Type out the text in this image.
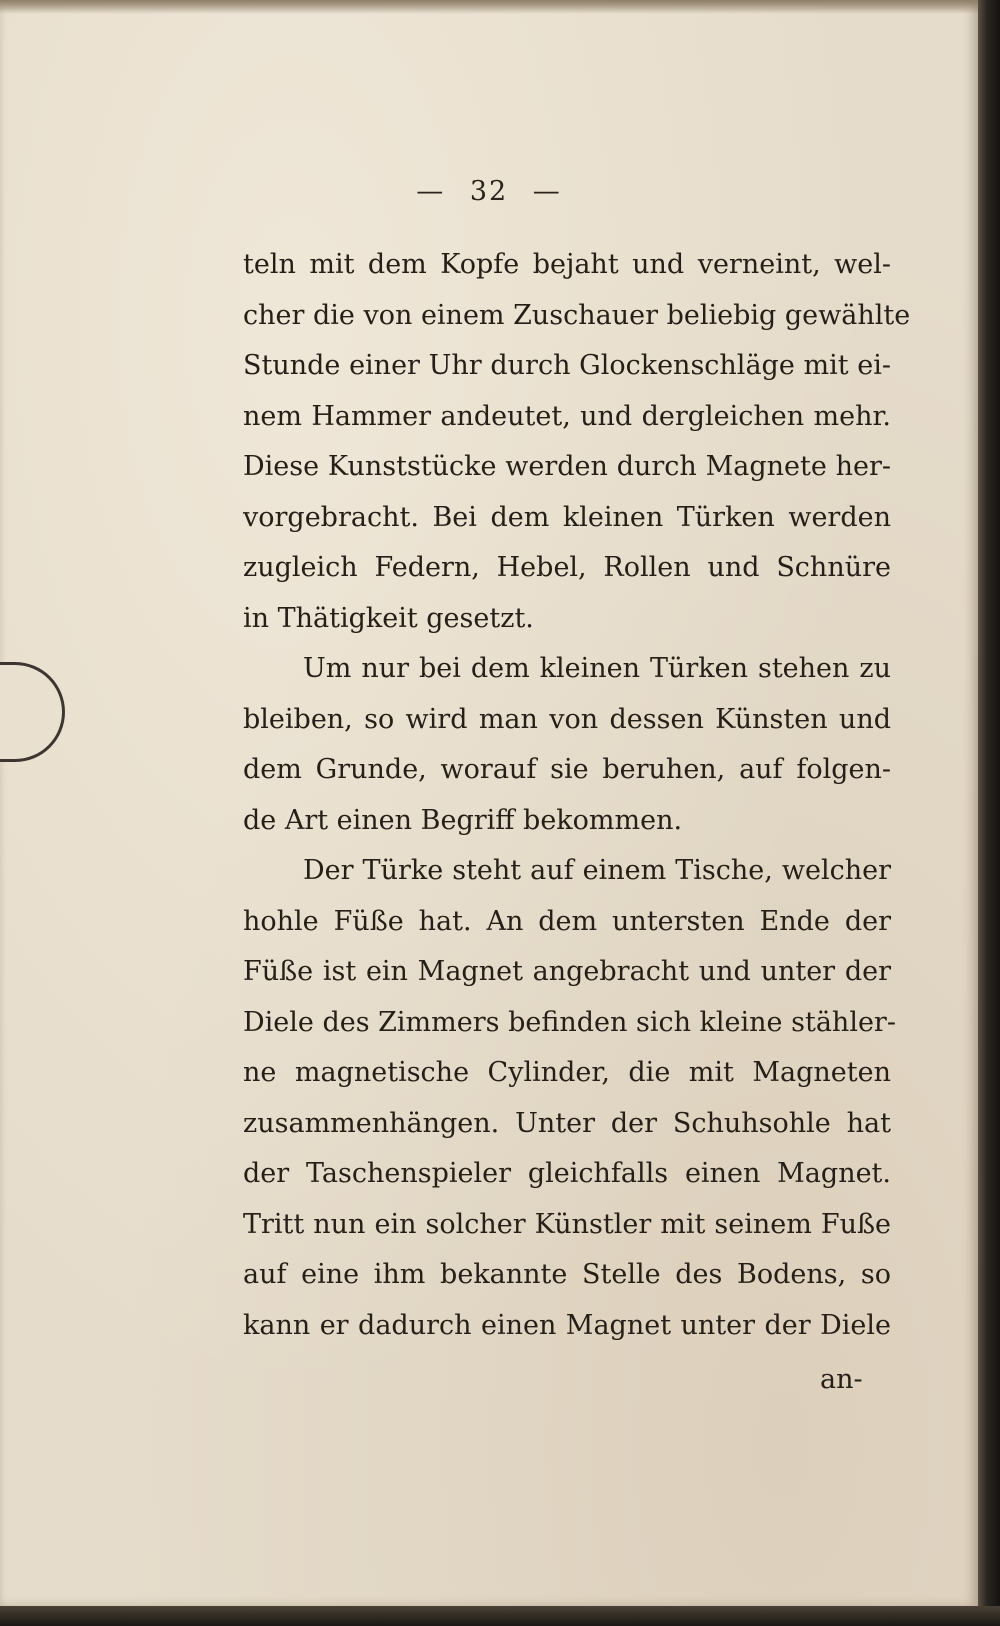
— 32 —
teln mit dem Kopfe bejaht und verneint, wel-
cher die von einem Zuschauer beliebig gewählte
Stunde einer Uhr durch Glockenschläge mit ei-
nem Hammer andeutet, und dergleichen mehr.
Diese Kunststücke werden durch Magnete her-
vorgebracht. Bei dem kleinen Türken werden
zugleich Federn, Hebel, Rollen und Schnüre
in Thätigkeit gesetzt.
Um nur bei dem kleinen Türken stehen zu
bleiben, so wird man von dessen Künsten und
dem Grunde, worauf sie beruhen, auf folgen-
de Art einen Begriff bekommen.
Der Türke steht auf einem Tische, welcher
hohle Füße hat. An dem untersten Ende der
Füße ist ein Magnet angebracht und unter der
Diele des Zimmers befinden sich kleine stähler-
ne magnetische Cylinder, die mit Magneten
zusammenhängen. Unter der Schuhsohle hat
der Taschenspieler gleichfalls einen Magnet.
Tritt nun ein solcher Künstler mit seinem Fuße
auf eine ihm bekannte Stelle des Bodens, so
kann er dadurch einen Magnet unter der Diele
an-
